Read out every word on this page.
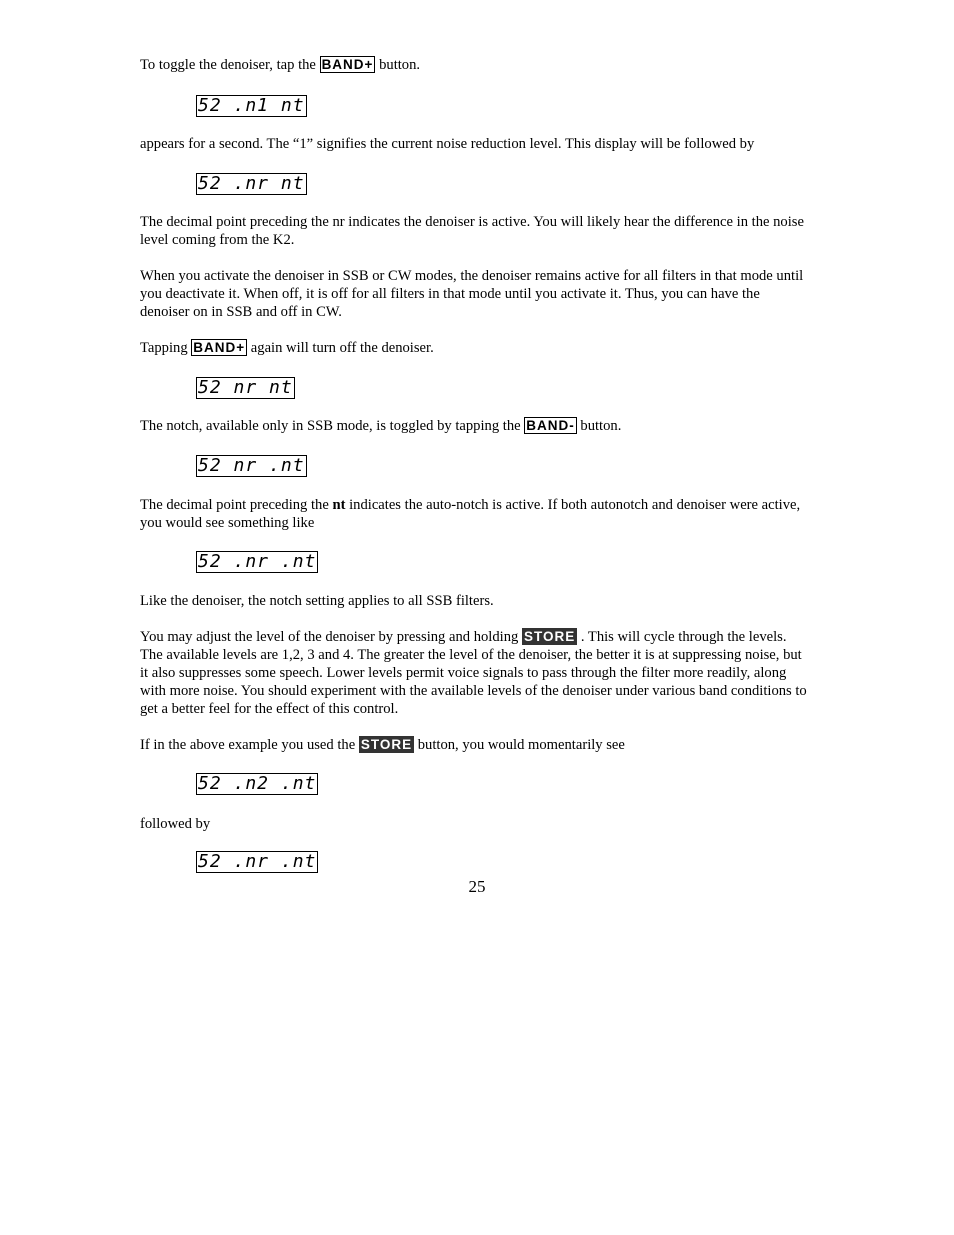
To toggle the denoiser, tap the BAND+ button.

52 .n1 nt

appears for a second. The “1” signifies the current noise reduction level. This display will be followed by

52 .nr nt

The decimal point preceding the nr indicates the denoiser is active. You will likely hear the difference in the noise level coming from the K2.

When you activate the denoiser in SSB or CW modes, the denoiser remains active for all filters in that mode until you deactivate it. When off, it is off for all filters in that mode until you activate it. Thus, you can have the denoiser on in SSB and off in CW.

Tapping BAND+ again will turn off the denoiser.

52 nr nt

The notch, available only in SSB mode, is toggled by tapping the BAND- button.

52 nr .nt

The decimal point preceding the nt indicates the auto-notch is active. If both autonotch and denoiser were active, you would see something like

52 .nr .nt

Like the denoiser, the notch setting applies to all SSB filters.

You may adjust the level of the denoiser by pressing and holding STORE . This will cycle through the levels. The available levels are 1,2, 3 and 4. The greater the level of the denoiser, the better it is at suppressing noise, but it also suppresses some speech. Lower levels permit voice signals to pass through the filter more readily, along with more noise. You should experiment with the available levels of the denoiser under various band conditions to get a better feel for the effect of this control.

If in the above example you used the STORE button, you would momentarily see

52 .n2 .nt

followed by

52 .nr .nt
25
